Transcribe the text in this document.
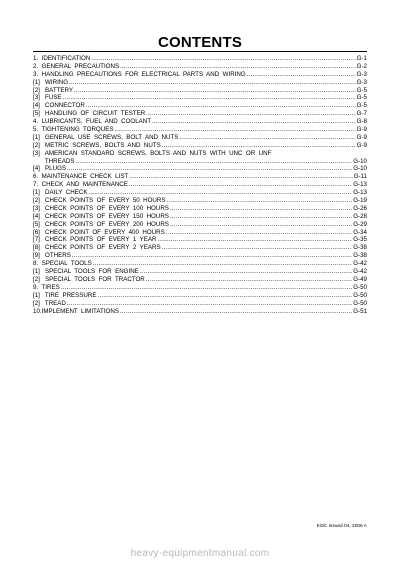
CONTENTS
1.  IDENTIFICATION .....	G-1
2.  GENERAL  PRECAUTIONS .....	G-2
3.  HANDLING  PRECAUTIONS  FOR  ELECTRICAL  PARTS  AND  WIRING .....	G-3
[1]   WIRING .....	G-3
[2]   BATTERY .....	G-5
[3]   FUSE .....	G-5
[4]   CONNECTOR .....	G-5
[5]   HANDLING  OF  CIRCUIT  TESTER .....	G-7
4.  LUBRICANTS,  FUEL  AND  COOLANT .....	G-8
5.  TIGHTENING  TORQUES .....	G-9
[1]   GENERAL  USE  SCREWS,  BOLT  AND  NUTS .....	G-9
[2]   METRIC  SCREWS,  BOLTS  AND  NUTS .....	G-9
[3]   AMERICAN  STANDARD  SCREWS,  BOLTS  AND  NUTS  WITH  UNC  OR  UNF
THREADS .....	G-10
[4]   PLUGS .....	G-10
6.  MAINTENANCE  CHECK  LIST .....	G-11
7.  CHECK  AND  MAINTENANCE .....	G-13
[1]   DAILY  CHECK .....	G-13
[2]   CHECK  POINTS  OF  EVERY  50  HOURS .....	G-19
[3]   CHECK  POINTS  OF  EVERY  100  HOURS .....	G-26
[4]   CHECK  POINTS  OF  EVERY  150  HOURS .....	G-28
[5]   CHECK  POINTS  OF  EVERY  200  HOURS .....	G-29
[6]   CHECK  POINT  OF  EVERY  400  HOURS .....	G-34
[7]   CHECK  POINTS  OF  EVERY  1  YEAR .....	G-35
[8]   CHECK  POINTS  OF  EVERY  2  YEARS .....	G-38
[9]   OTHERS .....	G-38
8.  SPECIAL  TOOLS .....	G-42
[1]   SPECIAL  TOOLS  FOR  ENGINE .....	G-42
[2]   SPECIAL  TOOLS  FOR  TRACTOR .....	G-49
9.  TIRES .....	G-50
[1]   TIRE  PRESSURE .....	G-50
[2]   TREAD .....	G-50
10.IMPLEMENT  LIMITATIONS .....	G-51
KiSC issued 04, 2006 A
heavy-equipmentmanual.com
